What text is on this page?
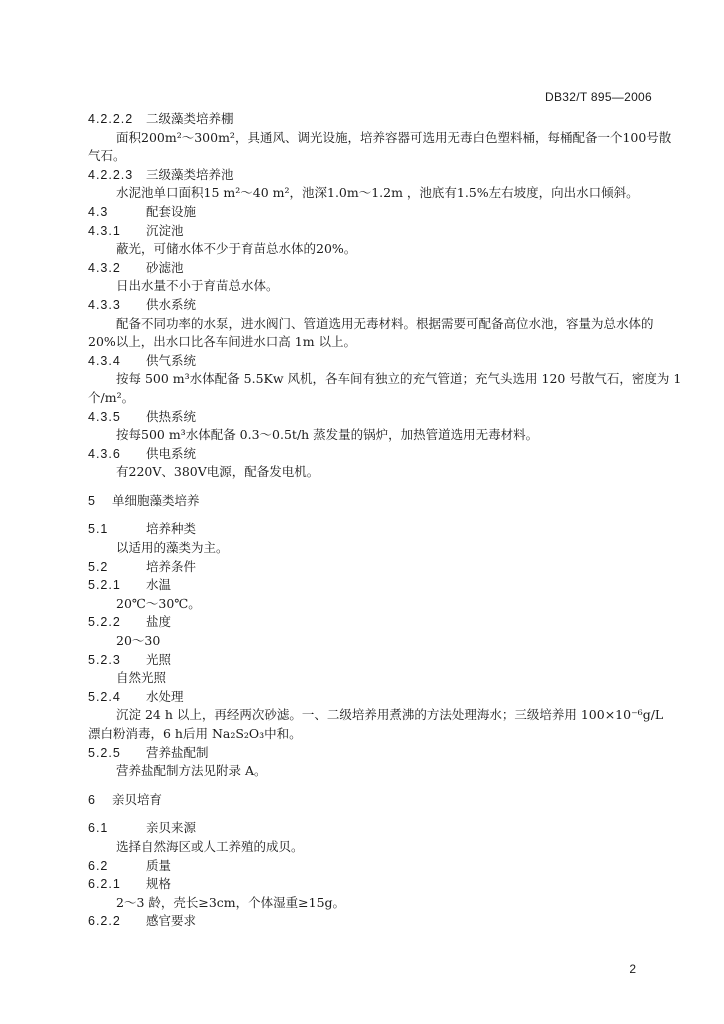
DB32/T 895—2006
4.2.2.2 二级藻类培养棚
面积200m²～300m²，具通风、调光设施，培养容器可选用无毒白色塑料桶，每桶配备一个100号散
气石。
4.2.2.3 三级藻类培养池
水泥池单口面积15 m²～40 m²，池深1.0m～1.2m ，池底有1.5%左右坡度，向出水口倾斜。
4.3	配套设施
4.3.1 沉淀池
蔽光，可储水体不少于育苗总水体的20%。
4.3.2 砂滤池
日出水量不小于育苗总水体。
4.3.3 供水系统
配备不同功率的水泵，进水阀门、管道选用无毒材料。根据需要可配备高位水池，容量为总水体的
20%以上，出水口比各车间进水口高 1m 以上。
4.3.4 供气系统
按每 500 m³水体配备 5.5Kw 风机，各车间有独立的充气管道；充气头选用 120 号散气石，密度为 1
个/m²。
4.3.5 供热系统
按每500 m³水体配备 0.3～0.5t/h 蒸发量的锅炉，加热管道选用无毒材料。
4.3.6 供电系统
有220V、380V电源，配备发电机。
5 单细胞藻类培养
5.1	培养种类
以适用的藻类为主。
5.2	培养条件
5.2.1 水温
20℃～30℃。
5.2.2 盐度
20～30
5.2.3 光照
自然光照
5.2.4 水处理
沉淀 24 h 以上，再经两次砂滤。一、二级培养用煮沸的方法处理海水；三级培养用 100×10⁻⁶g/L
漂白粉消毒，6 h后用 Na₂S₂O₃中和。
5.2.5 营养盐配制
营养盐配制方法见附录 A。
6 亲贝培育
6.1	亲贝来源
选择自然海区或人工养殖的成贝。
6.2	质量
6.2.1 规格
2～3 龄，壳长≥3cm，个体湿重≥15g。
6.2.2 感官要求
2
